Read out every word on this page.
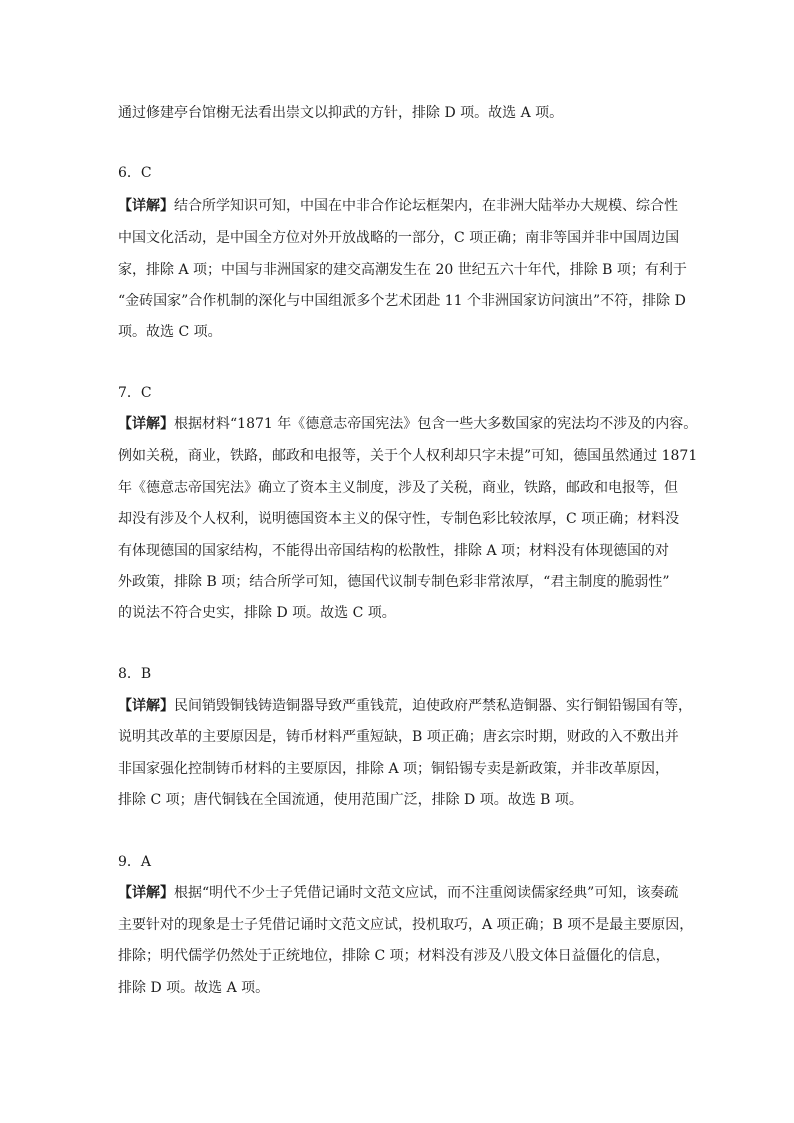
通过修建亭台馆榭无法看出崇文以抑武的方针，排除 D 项。故选 A 项。
6．C
【详解】结合所学知识可知，中国在中非合作论坛框架内，在非洲大陆举办大规模、综合性
中国文化活动，是中国全方位对外开放战略的一部分，C 项正确；南非等国并非中国周边国
家，排除 A 项；中国与非洲国家的建交高潮发生在 20 世纪五六十年代，排除 B 项；有利于
“金砖国家”合作机制的深化与中国组派多个艺术团赴 11 个非洲国家访问演出”不符，排除 D
项。故选 C 项。
7．C
【详解】根据材料“1871 年《德意志帝国宪法》包含一些大多数国家的宪法均不涉及的内容。
例如关税，商业，铁路，邮政和电报等，关于个人权利却只字未提”可知，德国虽然通过 1871
年《德意志帝国宪法》确立了资本主义制度，涉及了关税，商业，铁路，邮政和电报等，但
却没有涉及个人权利，说明德国资本主义的保守性，专制色彩比较浓厚，C 项正确；材料没
有体现德国的国家结构，不能得出帝国结构的松散性，排除 A 项；材料没有体现德国的对
外政策，排除 B 项；结合所学可知，德国代议制专制色彩非常浓厚，“君主制度的脆弱性”
的说法不符合史实，排除 D 项。故选 C 项。
8．B
【详解】民间销毁铜钱铸造铜器导致严重钱荒，迫使政府严禁私造铜器、实行铜铅锡国有等，
说明其改革的主要原因是，铸币材料严重短缺，B 项正确；唐玄宗时期，财政的入不敷出并
非国家强化控制铸币材料的主要原因，排除 A 项；铜铅锡专卖是新政策，并非改革原因，
排除 C 项；唐代铜钱在全国流通，使用范围广泛，排除 D 项。故选 B 项。
9．A
【详解】根据“明代不少士子凭借记诵时文范文应试，而不注重阅读儒家经典”可知，该奏疏
主要针对的现象是士子凭借记诵时文范文应试，投机取巧，A 项正确；B 项不是最主要原因，
排除；明代儒学仍然处于正统地位，排除 C 项；材料没有涉及八股文体日益僵化的信息，
排除 D 项。故选 A 项。
